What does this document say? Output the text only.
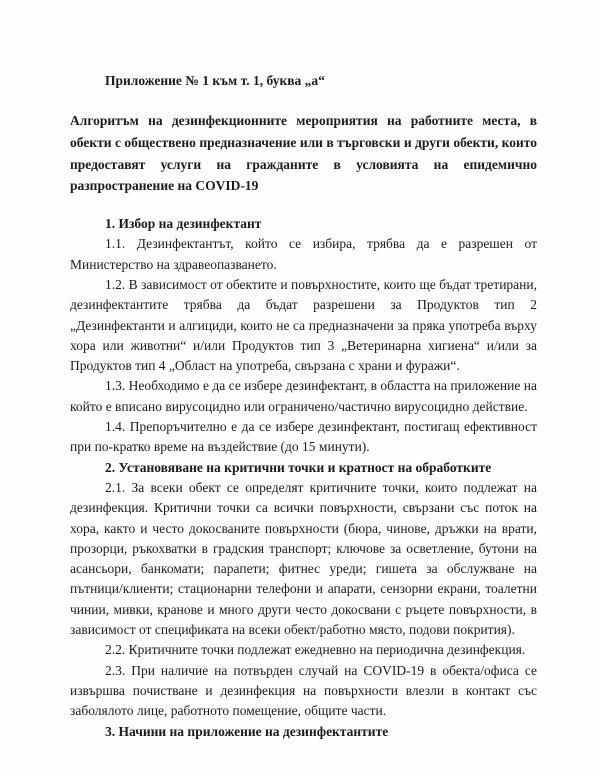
Приложение № 1 към т. 1, буква „а“

Алгоритъм на дезинфекционните мероприятия на работните места, в обекти с обществено предназначение или в търговски и други обекти, които предоставят услуги на гражданите в условията на епидемично разпространение на COVID-19

1. Избор на дезинфектант

1.1. Дезинфектантът, който се избира, трябва да е разрешен от Министерство на здравеопазването.

1.2. В зависимост от обектите и повърхностите, които ще бъдат третирани, дезинфектантите трябва да бъдат разрешени за Продуктов тип 2 „Дезинфектанти и алгициди, които не са предназначени за пряка употреба върху хора или животни“ и/или Продуктов тип 3 „Ветеринарна хигиена“ и/или за Продуктов тип 4 „Област на употреба, свързана с храни и фуражи“.

1.3. Необходимо е да се избере дезинфектант, в областта на приложение на който е вписано вирусоцидно или ограничено/частично вирусоцидно действие.

1.4. Препоръчително е да се избере дезинфектант, постигащ ефективност при по-кратко време на въздействие (до 15 минути).

2. Установяване на критични точки и кратност на обработките

2.1. За всеки обект се определят критичните точки, които подлежат на дезинфекция. Критични точки са всички повърхности, свързани със поток на хора, както и често докосваните повърхности (бюра, чинове, дръжки на врати, прозорци, ръкохватки в градския транспорт; ключове за осветление, бутони на асансьори, банкомати; парапети; фитнес уреди; гишета за обслужване на пътници/клиенти; стационарни телефони и апарати, сензорни екрани, тоалетни чинии, мивки, кранове и много други често докосвани с ръцете повърхности, в зависимост от спецификата на всеки обект/работно място, подови покрития).

2.2. Критичните точки подлежат ежедневно на периодична дезинфекция.

2.3. При наличие на потвърден случай на COVID-19 в обекта/офиса се извършва почистване и дезинфекция на повърхности влезли в контакт със заболялото лице, работното помещение, общите части.

3. Начини на приложение на дезинфектантите
